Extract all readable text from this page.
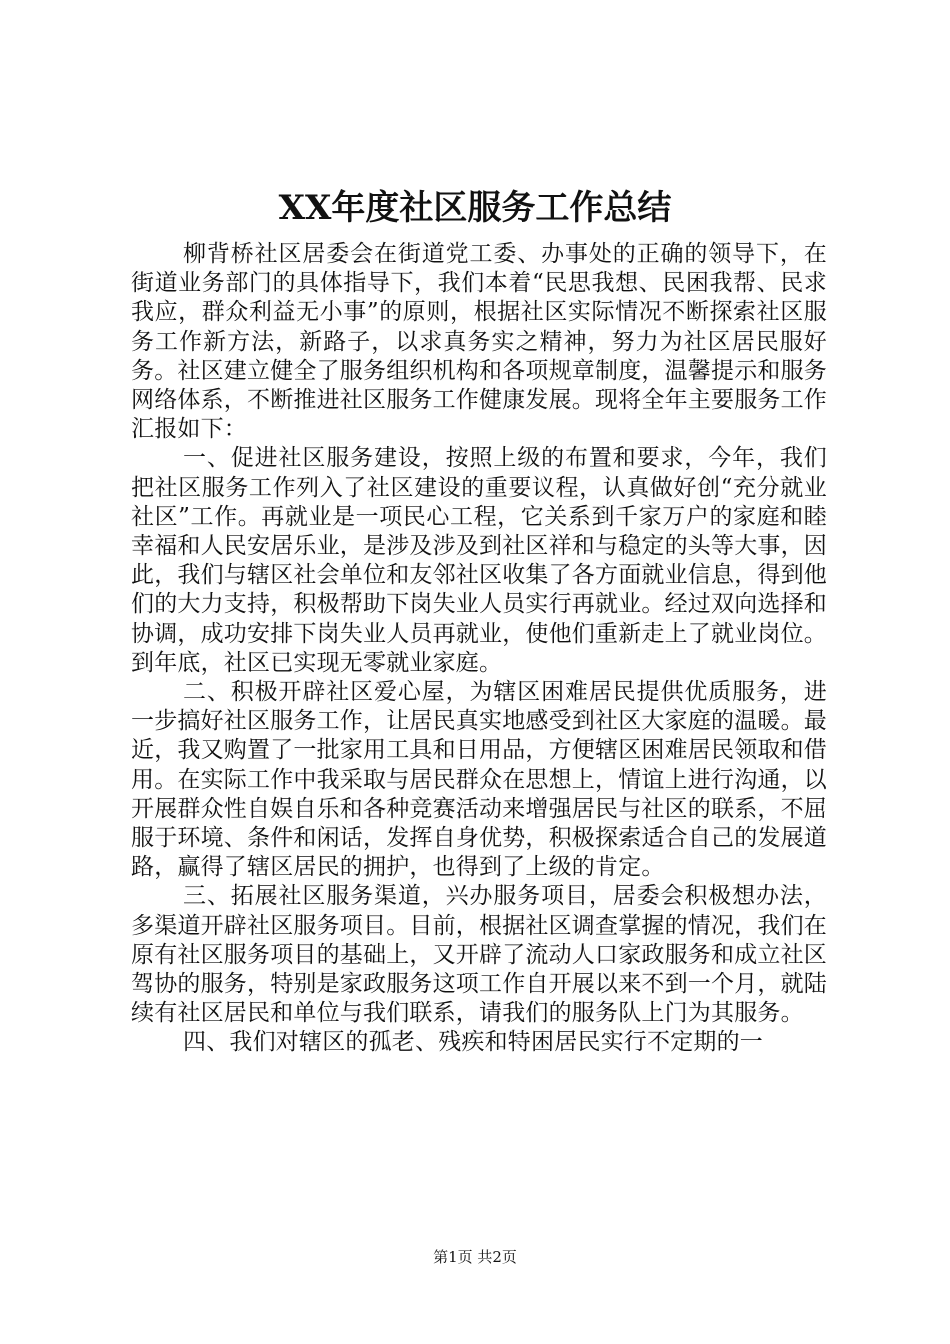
XX年度社区服务工作总结

柳背桥社区居委会在街道党工委、办事处的正确的领导下，在街道业务部门的具体指导下，我们本着“民思我想、民困我帮、民求我应，群众利益无小事”的原则，根据社区实际情况不断探索社区服务工作新方法，新路子，以求真务实之精神，努力为社区居民服好务。社区建立健全了服务组织机构和各项规章制度，温馨提示和服务网络体系，不断推进社区服务工作健康发展。现将全年主要服务工作汇报如下：

一、促进社区服务建设，按照上级的布置和要求，今年，我们把社区服务工作列入了社区建设的重要议程，认真做好创“充分就业社区”工作。再就业是一项民心工程，它关系到千家万户的家庭和睦幸福和人民安居乐业，是涉及涉及到社区祥和与稳定的头等大事，因此，我们与辖区社会单位和友邻社区收集了各方面就业信息，得到他们的大力支持，积极帮助下岗失业人员实行再就业。经过双向选择和协调，成功安排下岗失业人员再就业，使他们重新走上了就业岗位。到年底，社区已实现无零就业家庭。

二、积极开辟社区爱心屋，为辖区困难居民提供优质服务，进一步搞好社区服务工作，让居民真实地感受到社区大家庭的温暖。最近，我又购置了一批家用工具和日用品，方便辖区困难居民领取和借用。在实际工作中我采取与居民群众在思想上，情谊上进行沟通，以开展群众性自娱自乐和各种竞赛活动来增强居民与社区的联系，不屈服于环境、条件和闲话，发挥自身优势，积极探索适合自己的发展道路，赢得了辖区居民的拥护，也得到了上级的肯定。

三、拓展社区服务渠道，兴办服务项目，居委会积极想办法，多渠道开辟社区服务项目。目前，根据社区调查掌握的情况，我们在原有社区服务项目的基础上，又开辟了流动人口家政服务和成立社区驾协的服务，特别是家政服务这项工作自开展以来不到一个月，就陆续有社区居民和单位与我们联系，请我们的服务队上门为其服务。

四、我们对辖区的孤老、残疾和特困居民实行不定期的一

第1页 共2页
